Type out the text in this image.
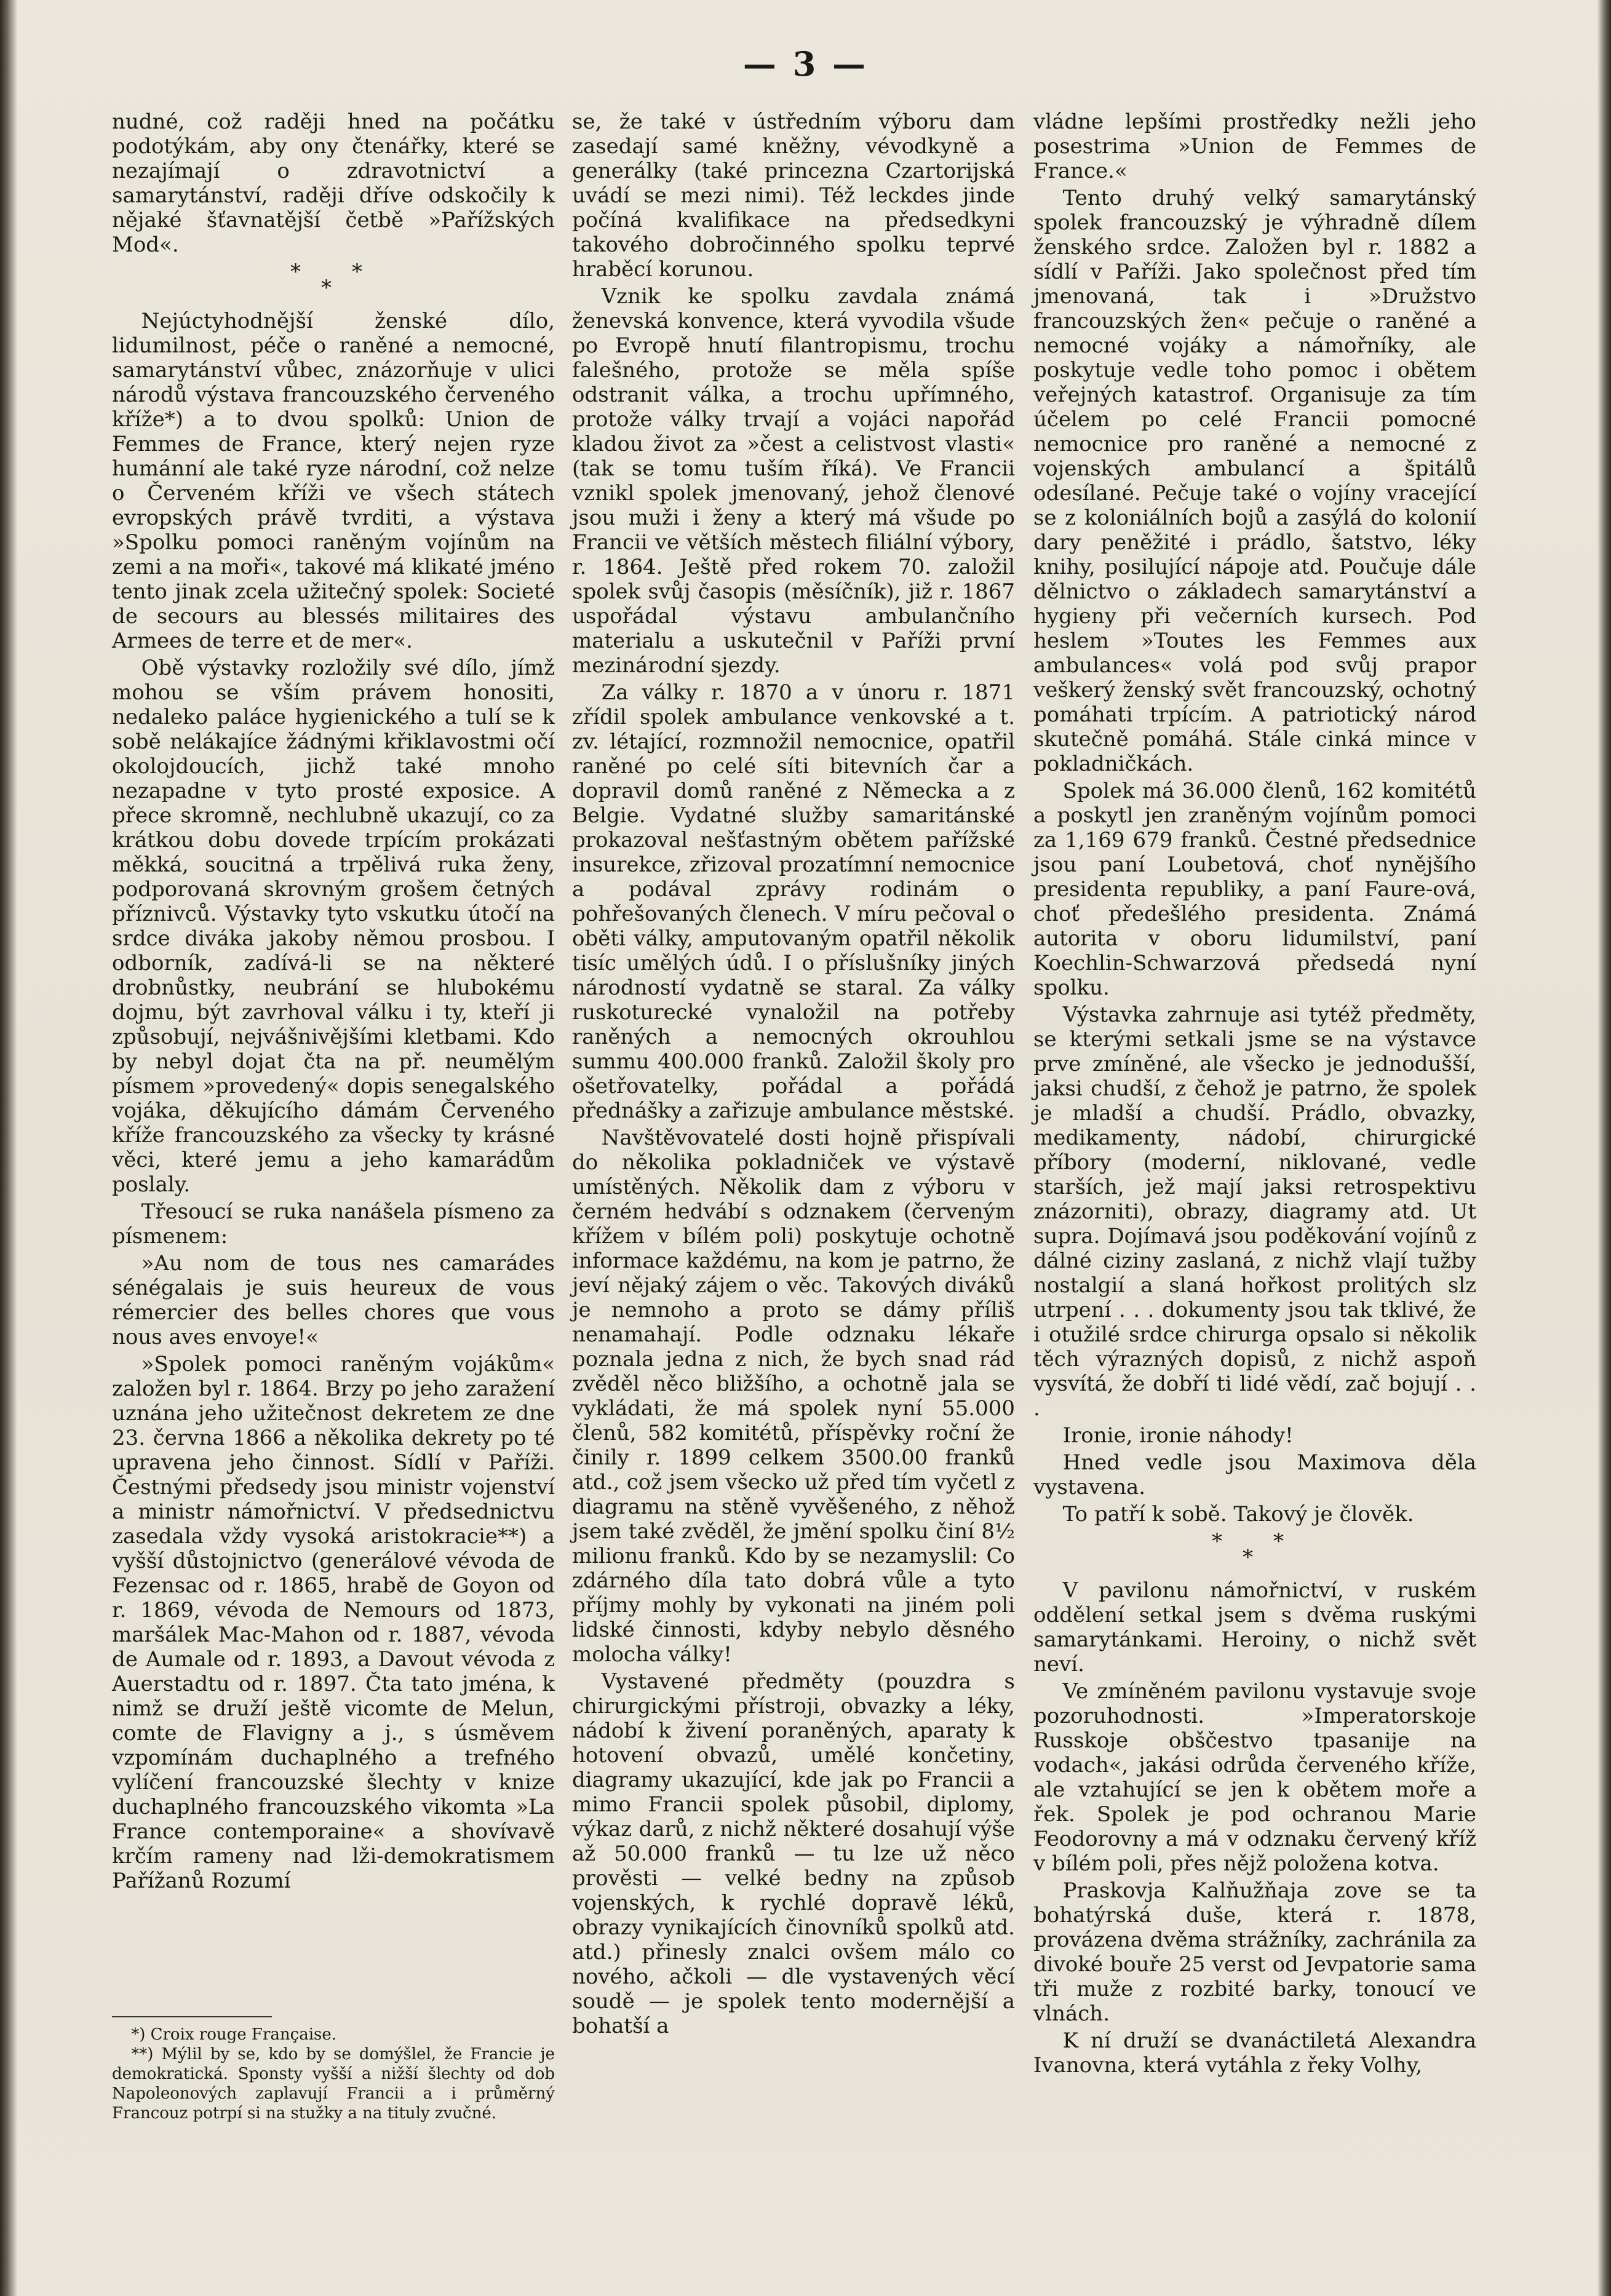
— 3 —

nudné, což raději hned na počátku podotýkám, aby ony čtenářky, které se nezajímají o zdravotnictví a samarytánství, raději dříve odskočily k nějaké šťavnatější četbě »Pařížských Mod«.

* *
*

Nejúctyhodnější ženské dílo, lidumilnost, péče o raněné a nemocné, samarytánství vůbec, znázorňuje v ulici národů výstava francouzského červeného kříže*) a to dvou spolků: Union de Femmes de France, který nejen ryze humánní ale také ryze národní, což nelze o Červeném kříži ve všech státech evropských právě tvrditi, a výstava »Spolku pomoci raněným vojínům na zemi a na moři«, takové má klikaté jméno tento jinak zcela užitečný spolek: Societé de secours au blessés militaires des Armees de terre et de mer«.

Obě výstavky rozložily své dílo, jímž mohou se vším právem honositi, nedaleko paláce hygienického a tulí se k sobě nelákajíce žádnými křiklavostmi očí okolojdoucích, jichž také mnoho nezapadne v tyto prosté exposice. A přece skromně, nechlubně ukazují, co za krátkou dobu dovede trpícím prokázati měkká, soucitná a trpělivá ruka ženy, podporovaná skrovným grošem četných příznivců. Výstavky tyto vskutku útočí na srdce diváka jakoby němou prosbou. I odborník, zadívá-li se na některé drobnůstky, neubrání se hlubokému dojmu, být zavrhoval válku i ty, kteří ji způsobují, nejvášnivějšími kletbami. Kdo by nebyl dojat čta na př. neumělým písmem »provedený« dopis senegalského vojáka, děkujícího dámám Červeného kříže francouzského za všecky ty krásné věci, které jemu a jeho kamarádům poslaly.

Třesoucí se ruka nanášela písmeno za písmenem:

»Au nom de tous nes camarádes sénégalais je suis heureux de vous rémercier des belles chores que vous nous aves envoye!«

»Spolek pomoci raněným vojákům« založen byl r. 1864. Brzy po jeho zaražení uznána jeho užitečnost dekretem ze dne 23. června 1866 a několika dekrety po té upravena jeho činnost. Sídlí v Paříži. Čestnými předsedy jsou ministr vojenství a ministr námořnictví. V předsednictvu zasedala vždy vysoká aristokracie**) a vyšší důstojnictvo (generálové vévoda de Fezensac od r. 1865, hrabě de Goyon od r. 1869, vévoda de Nemours od 1873, maršálek Mac-Mahon od r. 1887, vévoda de Aumale od r. 1893, a Davout vévoda z Auerstadtu od r. 1897. Čta tato jména, k nimž se druží ještě vicomte de Melun, comte de Flavigny a j., s úsměvem vzpomínám duchaplného a trefného vylíčení francouzské šlechty v knize duchaplného francouzského vikomta »La France contemporaine« a shovívavě krčím rameny nad lži-demokratismem Pařížanů Rozumí

*) Croix rouge Française.

**) Mýlil by se, kdo by se domýšlel, že Francie je demokratická. Sponsty vyšší a nižší šlechty od dob Napoleonových zaplavují Francii a i průměrný Francouz potrpí si na stužky a na tituly zvučné.

se, že také v ústředním výboru dam zasedají samé kněžny, vévodkyně a generálky (také princezna Czartorijská uvádí se mezi nimi). Též leckdes jinde počíná kvalifikace na předsedkyni takového dobročinného spolku teprvé hraběcí korunou.

Vznik ke spolku zavdala známá ženevská konvence, která vyvodila všude po Evropě hnutí filantropismu, trochu falešného, protože se měla spíše odstranit válka, a trochu upřímného, protože války trvají a vojáci napořád kladou život za »čest a celistvost vlasti« (tak se tomu tuším říká). Ve Francii vznikl spolek jmenovaný, jehož členové jsou muži i ženy a který má všude po Francii ve větších městech filiální výbory, r. 1864. Ještě před rokem 70. založil spolek svůj časopis (měsíčník), již r. 1867 uspořádal výstavu ambulančního materialu a uskutečnil v Paříži první mezinárodní sjezdy.

Za války r. 1870 a v únoru r. 1871 zřídil spolek ambulance venkovské a t. zv. létající, rozmnožil nemocnice, opatřil raněné po celé síti bitevních čar a dopravil domů raněné z Německa a z Belgie. Vydatné služby samaritánské prokazoval nešťastným obětem pařížské insurekce, zřizoval prozatímní nemocnice a podával zprávy rodinám o pohřešovaných členech. V míru pečoval o oběti války, amputovaným opatřil několik tisíc umělých údů. I o příslušníky jiných národností vydatně se staral. Za války ruskoturecké vynaložil na potřeby raněných a nemocných okrouhlou summu 400.000 franků. Založil školy pro ošetřovatelky, pořádal a pořádá přednášky a zařizuje ambulance městské.

Navštěvovatelé dosti hojně přispívali do několika pokladniček ve výstavě umístěných. Několik dam z výboru v černém hedvábí s odznakem (červeným křížem v bílém poli) poskytuje ochotně informace každému, na kom je patrno, že jeví nějaký zájem o věc. Takových diváků je nemnoho a proto se dámy příliš nenamahají. Podle odznaku lékaře poznala jedna z nich, že bych snad rád zvěděl něco bližšího, a ochotně jala se vykládati, že má spolek nyní 55.000 členů, 582 komitétů, příspěvky roční že činily r. 1899 celkem 3500.00 franků atd., což jsem všecko už před tím vyčetl z diagramu na stěně vyvěšeného, z něhož jsem také zvěděl, že jmění spolku činí 8½ milionu franků. Kdo by se nezamyslil: Co zdárného díla tato dobrá vůle a tyto příjmy mohly by vykonati na jiném poli lidské činnosti, kdyby nebylo děsného molocha války!

Vystavené předměty (pouzdra s chirurgickými přístroji, obvazky a léky, nádobí k živení poraněných, aparaty k hotovení obvazů, umělé končetiny, diagramy ukazující, kde jak po Francii a mimo Francii spolek působil, diplomy, výkaz darů, z nichž některé dosahují výše až 50.000 franků — tu lze už něco prověsti — velké bedny na způsob vojenských, k rychlé dopravě léků, obrazy vynikajících činovníků spolků atd. atd.) přinesly znalci ovšem málo co nového, ačkoli — dle vystavených věcí soudě — je spolek tento modernější a bohatší a

vládne lepšími prostředky nežli jeho posestrima »Union de Femmes de France.«

Tento druhý velký samarytánský spolek francouzský je výhradně dílem ženského srdce. Založen byl r. 1882 a sídlí v Paříži. Jako společnost před tím jmenovaná, tak i »Družstvo francouzských žen« pečuje o raněné a nemocné vojáky a námořníky, ale poskytuje vedle toho pomoc i obětem veřejných katastrof. Organisuje za tím účelem po celé Francii pomocné nemocnice pro raněné a nemocné z vojenských ambulancí a špitálů odesílané. Pečuje také o vojíny vracející se z koloniálních bojů a zasýlá do kolonií dary peněžité i prádlo, šatstvo, léky knihy, posilující nápoje atd. Poučuje dále dělnictvo o základech samarytánství a hygieny při večerních kursech. Pod heslem »Toutes les Femmes aux ambulances« volá pod svůj prapor veškerý ženský svět francouzský, ochotný pomáhati trpícím. A patriotický národ skutečně pomáhá. Stále cinká mince v pokladničkách.

Spolek má 36.000 členů, 162 komitétů a poskytl jen zraněným vojínům pomoci za 1,169 679 franků. Čestné předsednice jsou paní Loubetová, choť nynějšího presidenta republiky, a paní Faure-ová, choť předešlého presidenta. Známá autorita v oboru lidumilství, paní Koechlin-Schwarzová předsedá nyní spolku.

Výstavka zahrnuje asi tytéž předměty, se kterými setkali jsme se na výstavce prve zmíněné, ale všecko je jednodušší, jaksi chudší, z čehož je patrno, že spolek je mladší a chudší. Prádlo, obvazky, medikamenty, nádobí, chirurgické příbory (moderní, niklované, vedle starších, jež mají jaksi retrospektivu znázorniti), obrazy, diagramy atd. Ut supra. Dojímavá jsou poděkování vojínů z dálné ciziny zaslaná, z nichž vlají tužby nostalgií a slaná hořkost prolitých slz utrpení . . . dokumenty jsou tak tklivé, že i otužilé srdce chirurga opsalo si několik těch výrazných dopisů, z nichž aspoň vysvítá, že dobří ti lidé vědí, zač bojují . . .

Ironie, ironie náhody!

Hned vedle jsou Maximova děla vystavena.

To patří k sobě. Takový je člověk.

* *
*

V pavilonu námořnictví, v ruském oddělení setkal jsem s dvěma ruskými samarytánkami. Heroiny, o nichž svět neví.

Ve zmíněném pavilonu vystavuje svoje pozoruhodnosti. »Imperatorskoje Russkoje obščestvo tpasanije na vodach«, jakási odrůda červeného kříže, ale vztahující se jen k obětem moře a řek. Spolek je pod ochranou Marie Feodorovny a má v odznaku červený kříž v bílém poli, přes nějž položena kotva.

Praskovja Kalňužňaja zove se ta bohatýrská duše, která r. 1878, provázena dvěma strážníky, zachránila za divoké bouře 25 verst od Jevpatorie sama tři muže z rozbité barky, tonoucí ve vlnách.

K ní druží se dvanáctiletá Alexandra Ivanovna, která vytáhla z řeky Volhy,
